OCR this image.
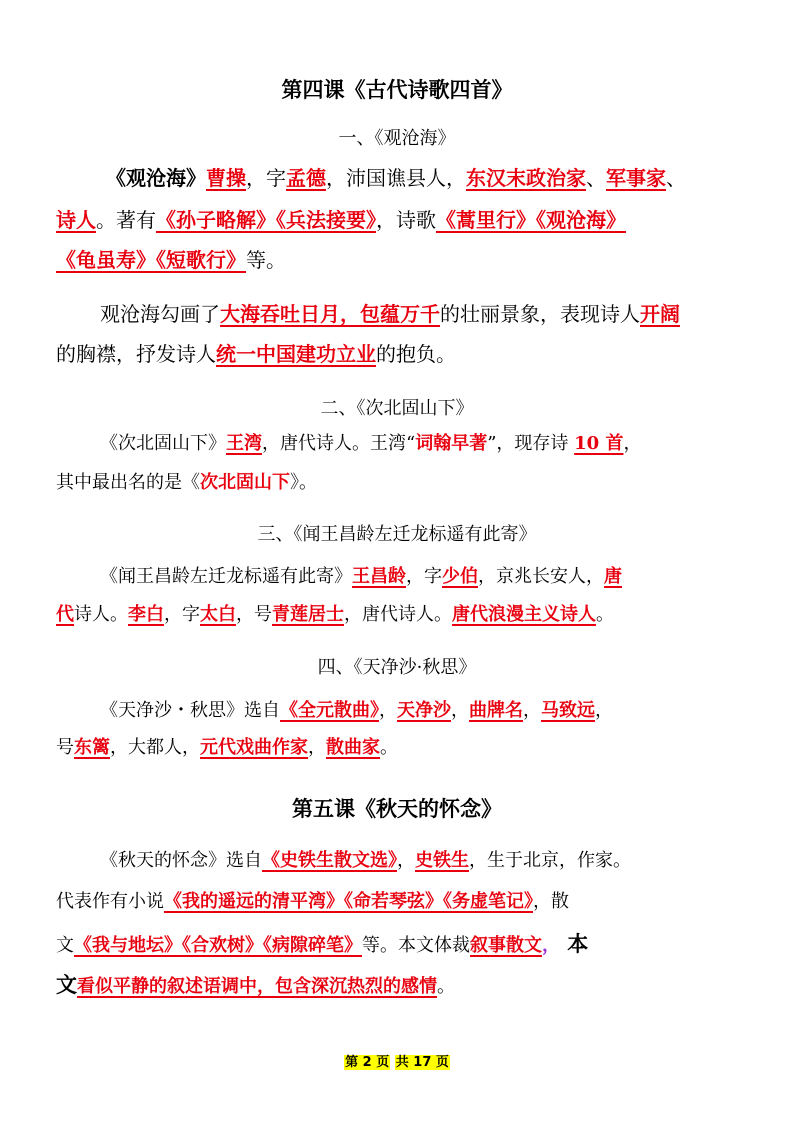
第四课《古代诗歌四首》
一、《观沧海》
《观沧海》曹操，字孟德，沛国谯县人，东汉末政治家、军事家、
诗人。著有《孙子略解》《兵法接要》，诗歌《蒿里行》《观沧海》
《龟虽寿》《短歌行》等。
观沧海勾画了大海吞吐日月，包蕴万千的壮丽景象，表现诗人开阔
的胸襟，抒发诗人统一中国建功立业的抱负。
二、《次北固山下》
《次北固山下》王湾，唐代诗人。王湾“词翰早著”，现存诗 10 首，
其中最出名的是《次北固山下》。
三、《闻王昌龄左迁龙标遥有此寄》
《闻王昌龄左迁龙标遥有此寄》王昌龄，字少伯，京兆长安人，唐
代诗人。李白，字太白，号青莲居士，唐代诗人。唐代浪漫主义诗人。
四、《天净沙·秋思》
《天净沙・秋思》选自《全元散曲》，天净沙，曲牌名，马致远，
号东篱，大都人，元代戏曲作家，散曲家。
第五课《秋天的怀念》
《秋天的怀念》选自《史铁生散文选》，史铁生，生于北京，作家。
代表作有小说《我的遥远的清平湾》《命若琴弦》《务虚笔记》，散
文《我与地坛》《合欢树》《病隙碎笔》等。本文体裁叙事散文， 本
文看似平静的叙述语调中，包含深沉热烈的感情。
第 2 页 共 17 页
